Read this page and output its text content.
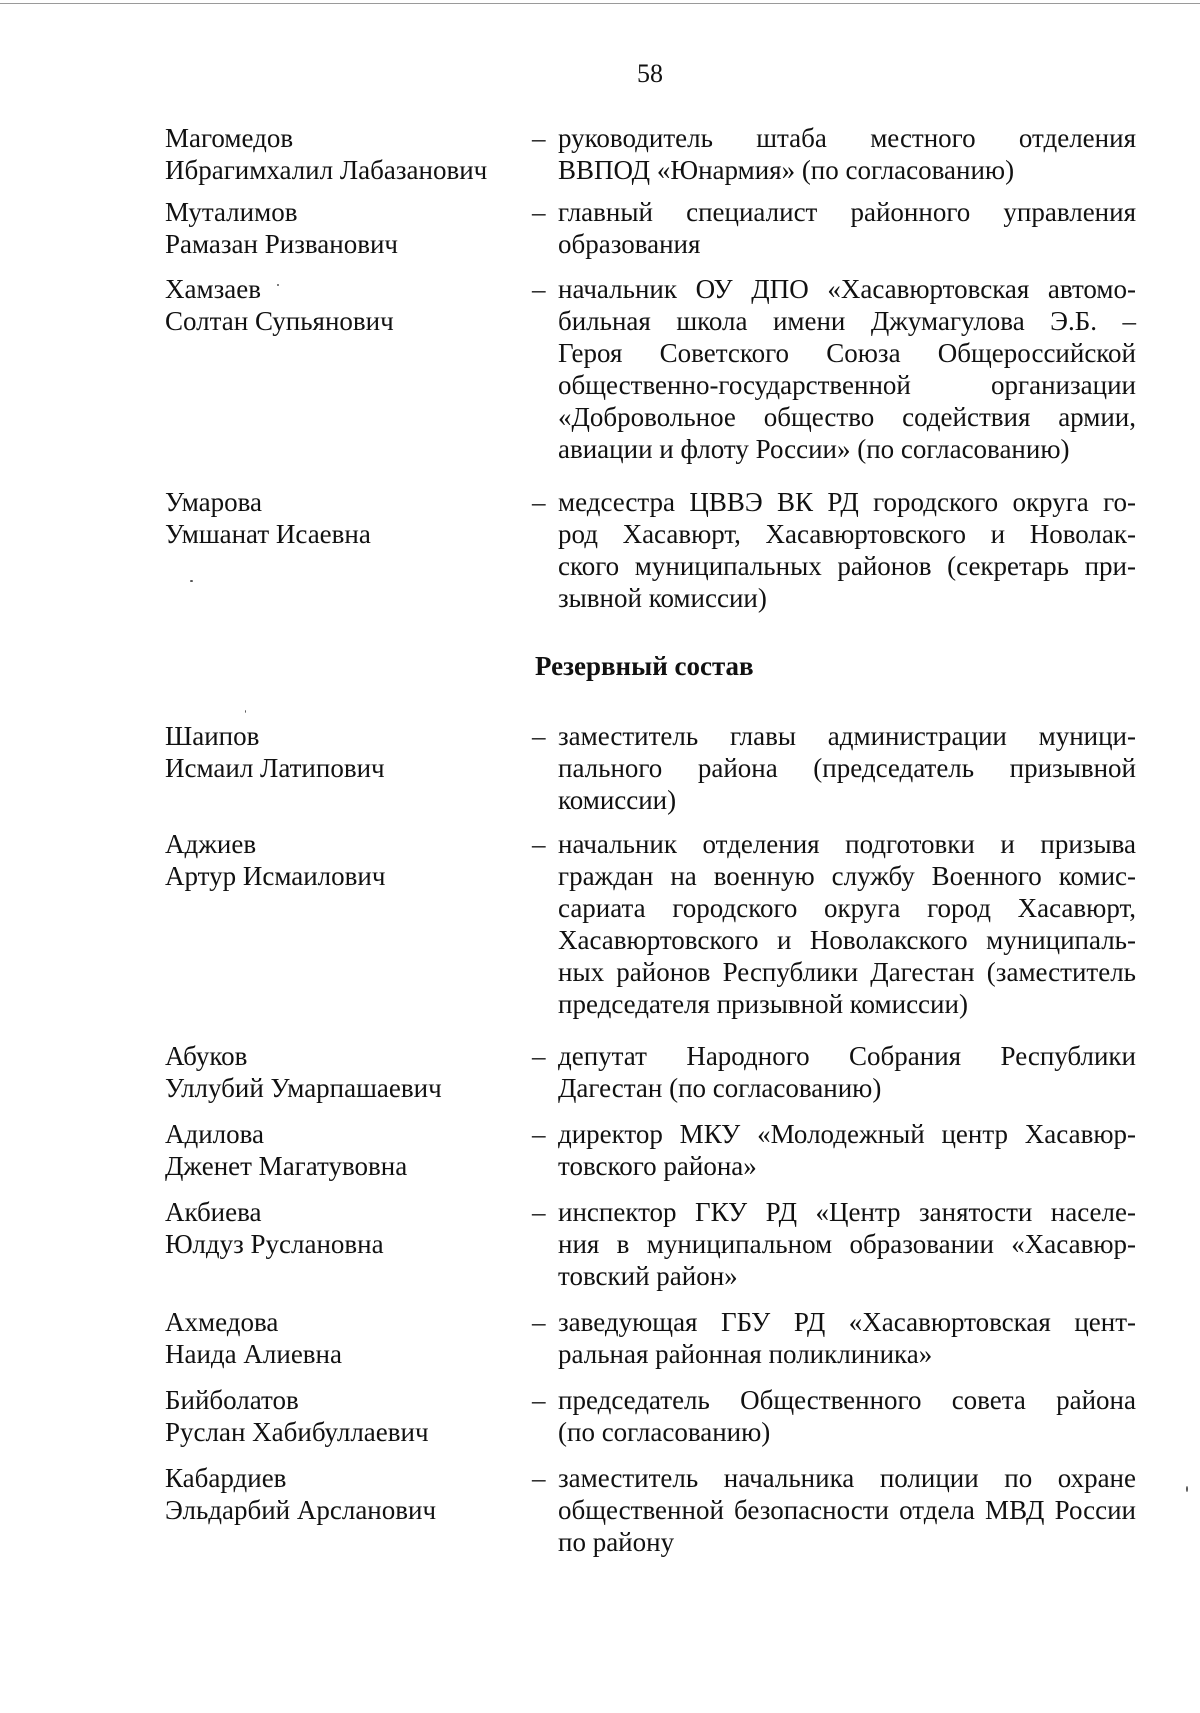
58
Резервный состав
Магомедов
Ибрагимхалил Лабазанович
– руководитель штаба местного отделения
ВВПОД «Юнармия» (по согласованию)
Муталимов
Рамазан Ризванович
– главный специалист районного управления
образования
Хамзаев
Солтан Супьянович
– начальник ОУ ДПО «Хасавюртовская автомо-
бильная школа имени Джумагулова Э.Б. –
Героя Советского Союза Общероссийской
общественно-государственной организации
«Добровольное общество содействия армии,
авиации и флоту России» (по согласованию)
Умарова
Умшанат Исаевна
– медсестра ЦВВЭ ВК РД городского округа го-
род Хасавюрт, Хасавюртовского и Новолак-
ского муниципальных районов (секретарь при-
зывной комиссии)
Шаипов
Исмаил Латипович
– заместитель главы администрации муници-
пального района (председатель призывной
комиссии)
Аджиев
Артур Исмаилович
– начальник отделения подготовки и призыва
граждан на военную службу Военного комис-
сариата городского округа город Хасавюрт,
Хасавюртовского и Новолакского муниципаль-
ных районов Республики Дагестан (заместитель
председателя призывной комиссии)
Абуков
Уллубий Умарпашаевич
– депутат Народного Собрания Республики
Дагестан (по согласованию)
Адилова
Дженет Магатувовна
– директор МКУ «Молодежный центр Хасавюр-
товского района»
Акбиева
Юлдуз Руслановна
– инспектор ГКУ РД «Центр занятости населе-
ния в муниципальном образовании «Хасавюр-
товский район»
Ахмедова
Наида Алиевна
– заведующая ГБУ РД «Хасавюртовская цент-
ральная районная поликлиника»
Бийболатов
Руслан Хабибуллаевич
– председатель Общественного совета района
(по согласованию)
Кабардиев
Эльдарбий Арсланович
– заместитель начальника полиции по охране
общественной безопасности отдела МВД России
по району
